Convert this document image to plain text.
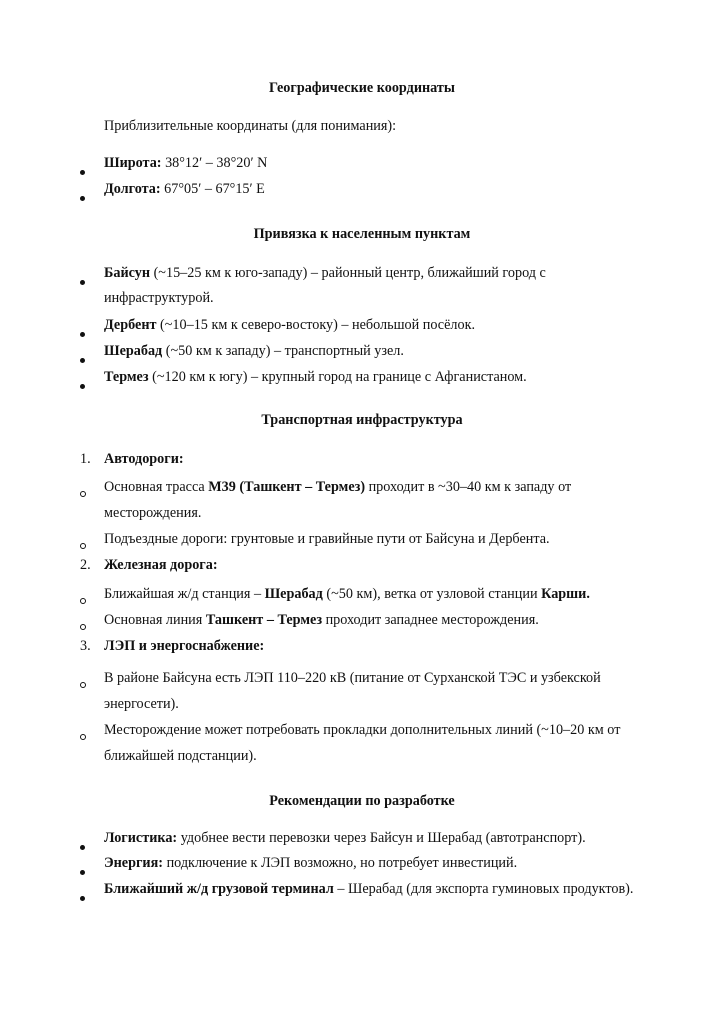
Географические координаты
Приблизительные координаты (для понимания):
Широта: 38°12′ – 38°20′ N
Долгота: 67°05′ – 67°15′ E
Привязка к населенным пунктам
Байсун (~15–25 км к юго-западу) – районный центр, ближайший город с
инфраструктурой.
Дербент (~10–15 км к северо-востоку) – небольшой посёлок.
Шерабад (~50 км к западу) – транспортный узел.
Термез (~120 км к югу) – крупный город на границе с Афганистаном.
Транспортная инфраструктура
1. Автодороги:
Основная трасса М39 (Ташкент – Термез) проходит в ~30–40 км к западу от
месторождения.
Подъездные дороги: грунтовые и гравийные пути от Байсуна и Дербента.
2. Железная дорога:
Ближайшая ж/д станция – Шерабад (~50 км), ветка от узловой станции Карши.
Основная линия Ташкент – Термез проходит западнее месторождения.
3. ЛЭП и энергоснабжение:
В районе Байсуна есть ЛЭП 110–220 кВ (питание от Сурханской ТЭС и узбекской
энергосети).
Месторождение может потребовать прокладки дополнительных линий (~10–20 км от
ближайшей подстанции).
Рекомендации по разработке
Логистика: удобнее вести перевозки через Байсун и Шерабад (автотранспорт).
Энергия: подключение к ЛЭП возможно, но потребует инвестиций.
Ближайший ж/д грузовой терминал – Шерабад (для экспорта гуминовых продуктов).
